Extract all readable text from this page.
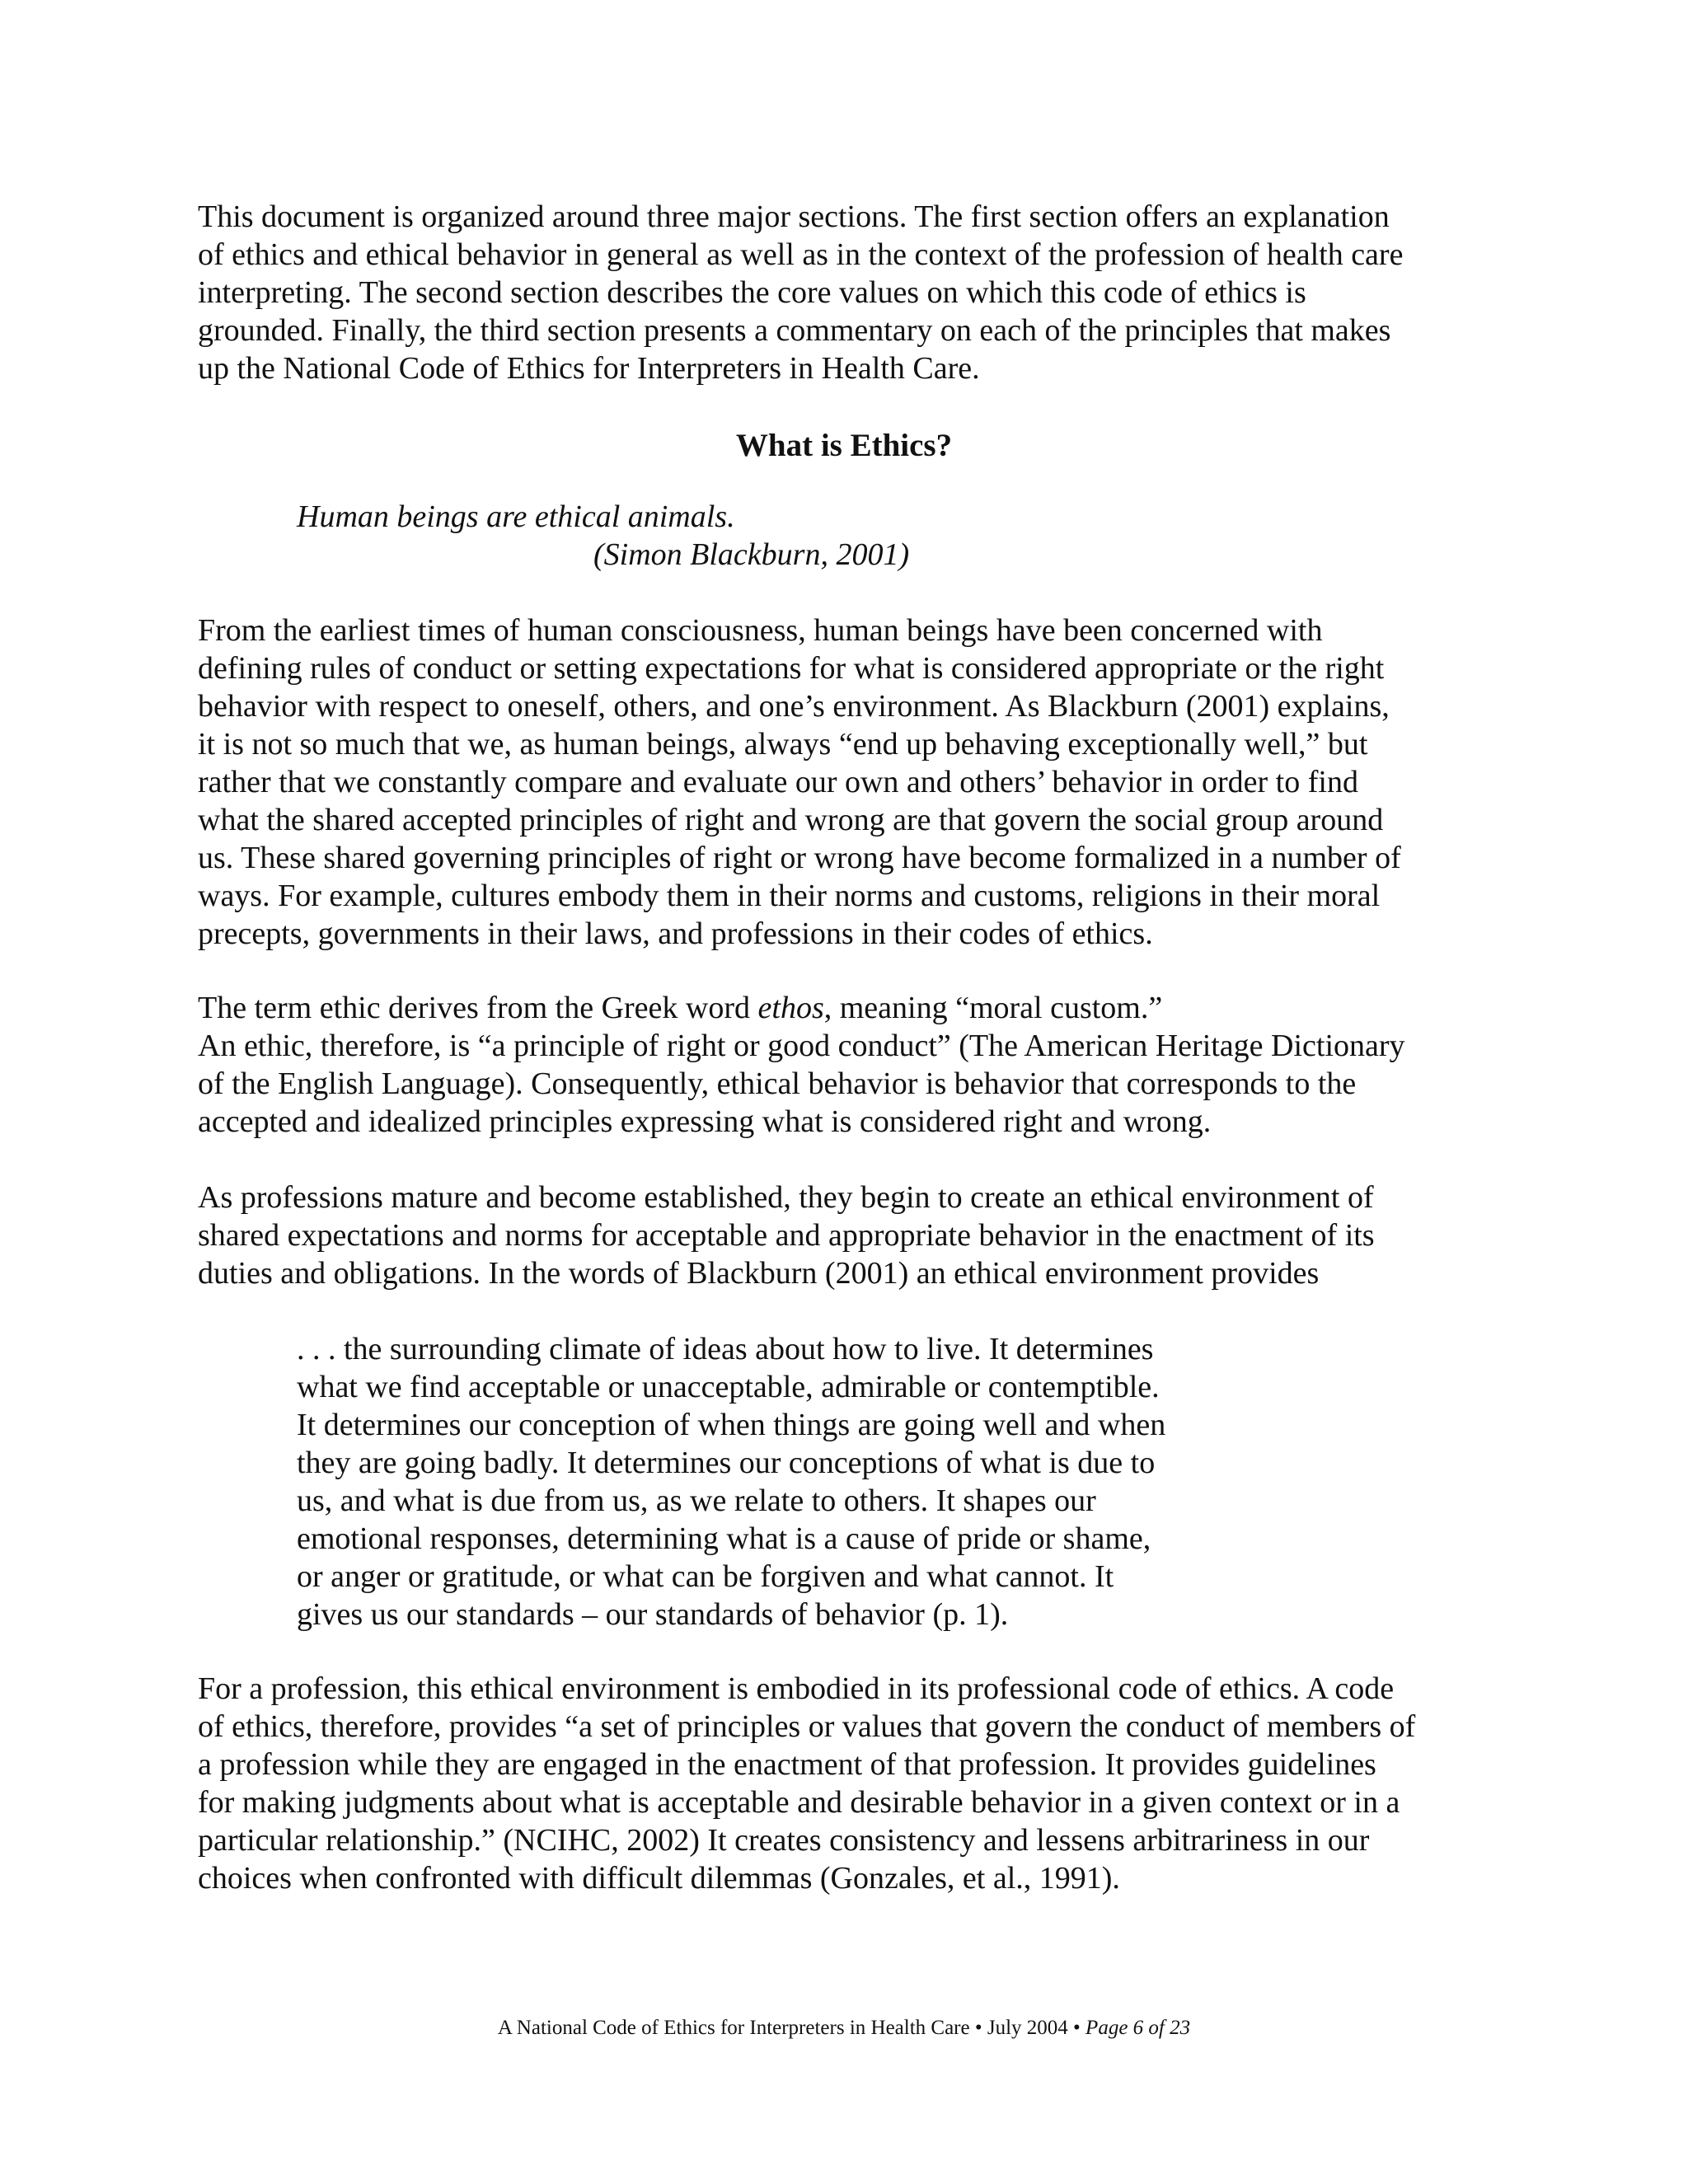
This document is organized around three major sections. The first section offers an explanation
of ethics and ethical behavior in general as well as in the context of the profession of health care
interpreting. The second section describes the core values on which this code of ethics is
grounded. Finally, the third section presents a commentary on each of the principles that makes
up the National Code of Ethics for Interpreters in Health Care.

What is Ethics?
Human beings are ethical animals.
(Simon Blackburn, 2001)

From the earliest times of human consciousness, human beings have been concerned with
defining rules of conduct or setting expectations for what is considered appropriate or the right
behavior with respect to oneself, others, and one’s environment. As Blackburn (2001) explains,
it is not so much that we, as human beings, always “end up behaving exceptionally well,” but
rather that we constantly compare and evaluate our own and others’ behavior in order to find
what the shared accepted principles of right and wrong are that govern the social group around
us. These shared governing principles of right or wrong have become formalized in a number of
ways. For example, cultures embody them in their norms and customs, religions in their moral
precepts, governments in their laws, and professions in their codes of ethics.

The term ethic derives from the Greek word ethos, meaning “moral custom.”
An ethic, therefore, is “a principle of right or good conduct” (The American Heritage Dictionary
of the English Language). Consequently, ethical behavior is behavior that corresponds to the
accepted and idealized principles expressing what is considered right and wrong.

As professions mature and become established, they begin to create an ethical environment of
shared expectations and norms for acceptable and appropriate behavior in the enactment of its
duties and obligations. In the words of Blackburn (2001) an ethical environment provides

. . . the surrounding climate of ideas about how to live. It determines
what we find acceptable or unacceptable, admirable or contemptible.
It determines our conception of when things are going well and when
they are going badly. It determines our conceptions of what is due to
us, and what is due from us, as we relate to others. It shapes our
emotional responses, determining what is a cause of pride or shame,
or anger or gratitude, or what can be forgiven and what cannot. It
gives us our standards – our standards of behavior (p. 1).

For a profession, this ethical environment is embodied in its professional code of ethics. A code
of ethics, therefore, provides “a set of principles or values that govern the conduct of members of
a profession while they are engaged in the enactment of that profession. It provides guidelines
for making judgments about what is acceptable and desirable behavior in a given context or in a
particular relationship.” (NCIHC, 2002) It creates consistency and lessens arbitrariness in our
choices when confronted with difficult dilemmas (Gonzales, et al., 1991).

A National Code of Ethics for Interpreters in Health Care • July 2004 • Page 6 of 23
